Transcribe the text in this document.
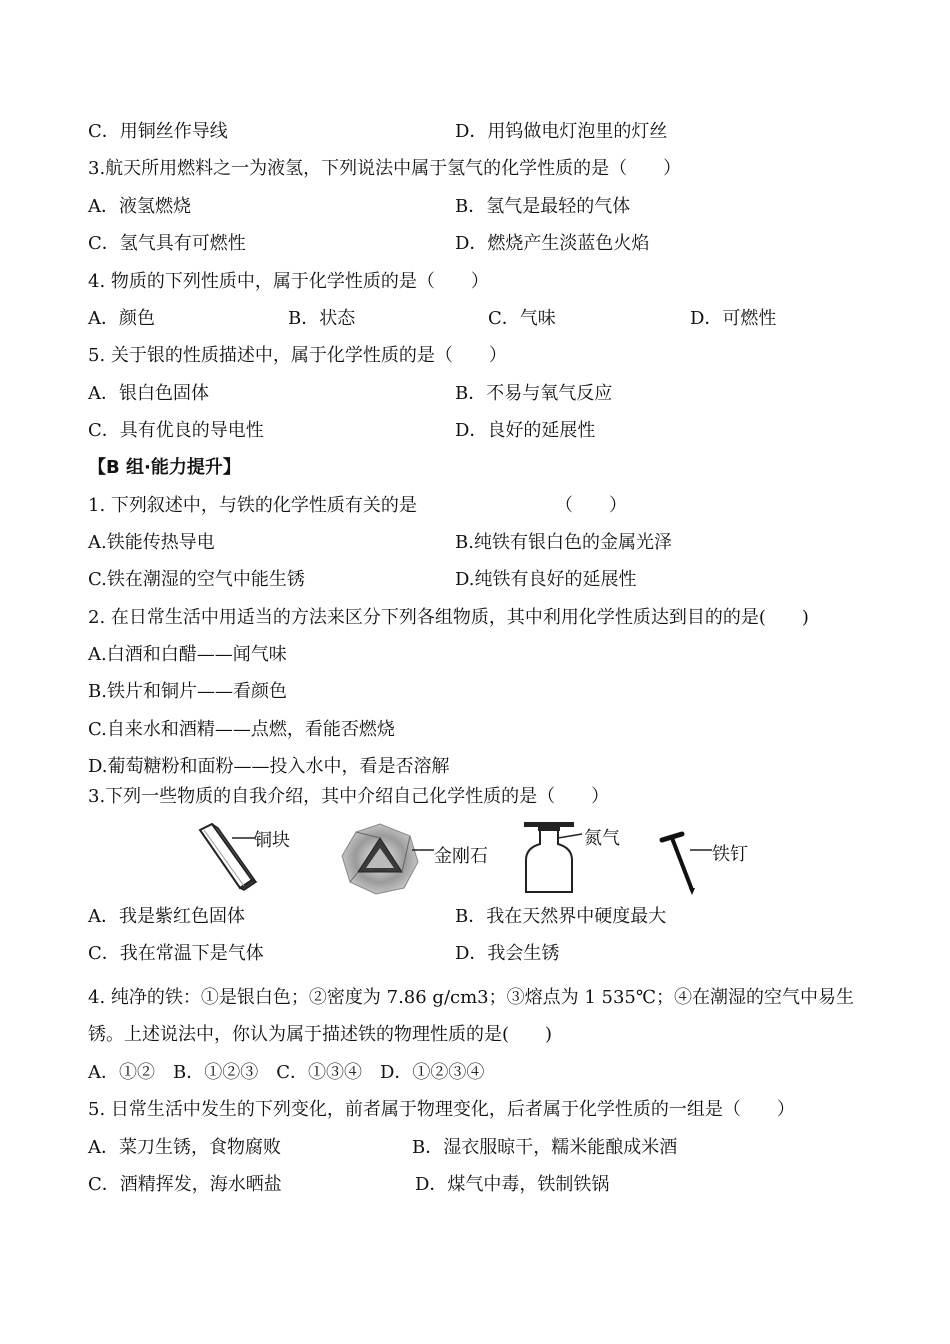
C．用铜丝作导线	D．用钨做电灯泡里的灯丝
3.航天所用燃料之一为液氢，下列说法中属于氢气的化学性质的是（　　）
A．液氢燃烧	B．氢气是最轻的气体
C．氢气具有可燃性	D．燃烧产生淡蓝色火焰
4. 物质的下列性质中，属于化学性质的是（　　）
A．颜色	B．状态	C．气味	D．可燃性
5. 关于银的性质描述中，属于化学性质的是（　　）
A．银白色固体	B．不易与氧气反应
C．具有优良的导电性	D．良好的延展性
【B 组·能力提升】
1. 下列叙述中，与铁的化学性质有关的是	（　　）
A.铁能传热导电	B.纯铁有银白色的金属光泽
C.铁在潮湿的空气中能生锈	D.纯铁有良好的延展性
2. 在日常生活中用适当的方法来区分下列各组物质，其中利用化学性质达到目的的是(　　)
A.白酒和白醋——闻气味
B.铁片和铜片——看颜色
C.自来水和酒精——点燃，看能否燃烧
D.葡萄糖粉和面粉——投入水中，看是否溶解
3.下列一些物质的自我介绍，其中介绍自己化学性质的是（　　）
铜块
金刚石
氮气
铁钉
A．我是紫红色固体	B．我在天然界中硬度最大
C．我在常温下是气体	D．我会生锈
4. 纯净的铁：①是银白色；②密度为 7.86 g/cm3；③熔点为 1 535℃；④在潮湿的空气中易生
锈。上述说法中，你认为属于描述铁的物理性质的是(　　)
A．①②　B．①②③　C．①③④　D．①②③④
5. 日常生活中发生的下列变化，前者属于物理变化，后者属于化学性质的一组是（　　）
A．菜刀生锈，食物腐败	B．湿衣服晾干，糯米能酿成米酒
C．酒精挥发，海水晒盐	D．煤气中毒，铁制铁锅
